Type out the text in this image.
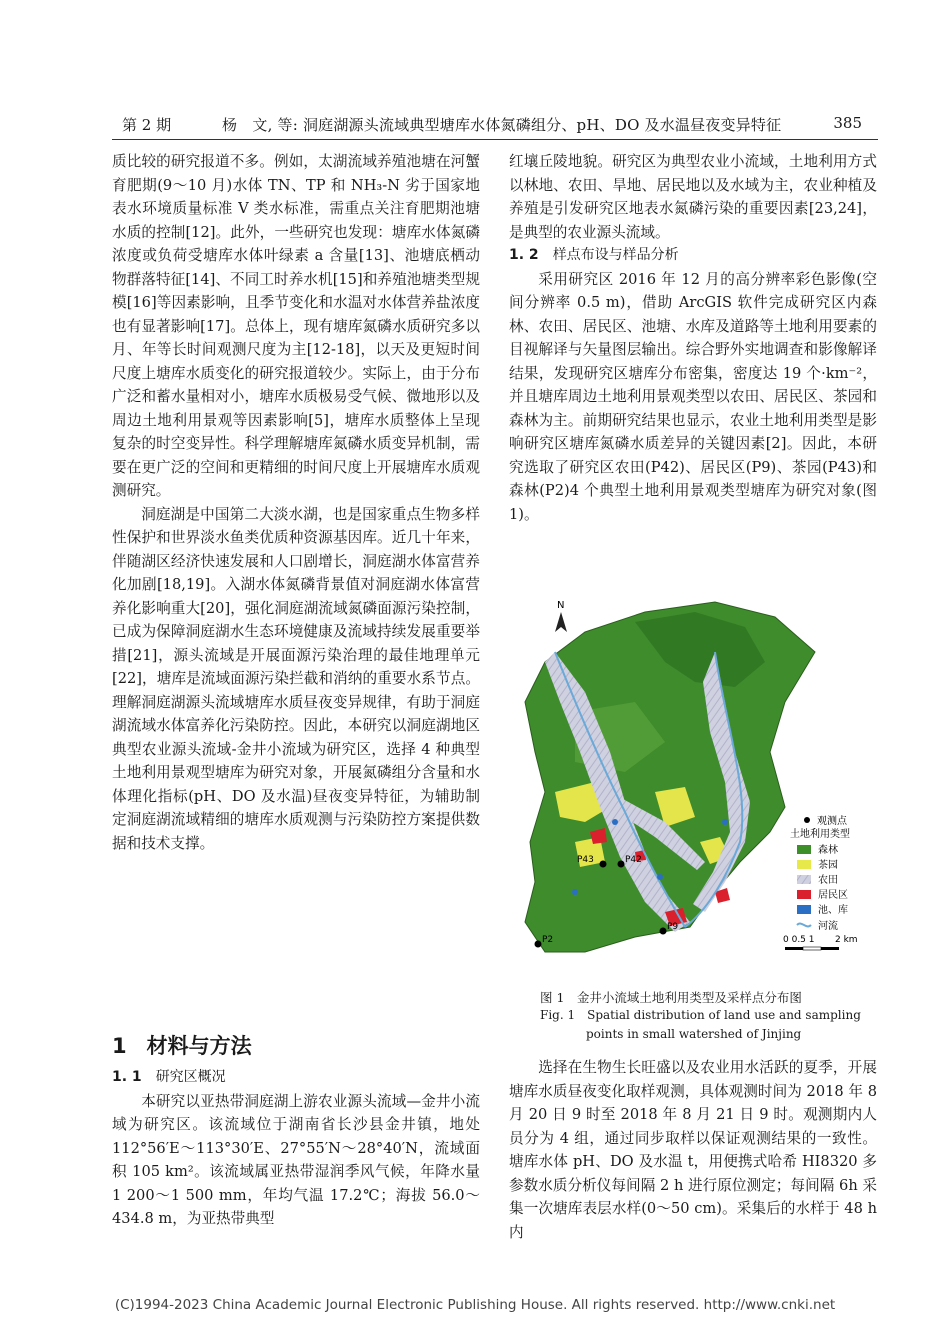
第 2 期	杨　文, 等: 洞庭湖源头流域典型塘库水体氮磷组分、pH、DO 及水温昼夜变异特征	385

质比较的研究报道不多。例如，太湖流域养殖池塘在河蟹育肥期(9～10 月)水体 TN、TP 和 NH₃-N 劣于国家地表水环境质量标准 V 类水标准，需重点关注育肥期池塘水质的控制[12]。此外，一些研究也发现：塘库水体氮磷浓度或负荷受塘库水体叶绿素 a 含量[13]、池塘底栖动物群落特征[14]、不同工时养水机[15]和养殖池塘类型规模[16]等因素影响，且季节变化和水温对水体营养盐浓度也有显著影响[17]。总体上，现有塘库氮磷水质研究多以月、年等长时间观测尺度为主[12-18]，以天及更短时间尺度上塘库水质变化的研究报道较少。实际上，由于分布广泛和蓄水量相对小，塘库水质极易受气候、微地形以及周边土地利用景观等因素影响[5]，塘库水质整体上呈现复杂的时空变异性。科学理解塘库氮磷水质变异机制，需要在更广泛的空间和更精细的时间尺度上开展塘库水质观测研究。

洞庭湖是中国第二大淡水湖，也是国家重点生物多样性保护和世界淡水鱼类优质种资源基因库。近几十年来，伴随湖区经济快速发展和人口剧增长，洞庭湖水体富营养化加剧[18,19]。入湖水体氮磷背景值对洞庭湖水体富营养化影响重大[20]，强化洞庭湖流域氮磷面源污染控制，已成为保障洞庭湖水生态环境健康及流域持续发展重要举措[21]，源头流域是开展面源污染治理的最佳地理单元[22]，塘库是流域面源污染拦截和消纳的重要水系节点。理解洞庭湖源头流域塘库水质昼夜变异规律，有助于洞庭湖流域水体富养化污染防控。因此，本研究以洞庭湖地区典型农业源头流域-金井小流域为研究区，选择 4 种典型土地利用景观型塘库为研究对象，开展氮磷组分含量和水体理化指标(pH、DO 及水温)昼夜变异特征，为辅助制定洞庭湖流域精细的塘库水质观测与污染防控方案提供数据和技术支撑。

1 材料与方法

1. 1 研究区概况

本研究以亚热带洞庭湖上游农业源头流域—金井小流域为研究区。该流域位于湖南省长沙县金井镇，地处 112°56′E～113°30′E、27°55′N～28°40′N，流域面积 105 km²。该流域属亚热带湿润季风气候，年降水量 1 200～1 500 mm，年均气温 17.2℃；海拔 56.0～434.8 m，为亚热带典型

红壤丘陵地貌。研究区为典型农业小流域，土地利用方式以林地、农田、旱地、居民地以及水域为主，农业种植及养殖是引发研究区地表水氮磷污染的重要因素[23,24]，是典型的农业源头流域。

1. 2 样点布设与样品分析

采用研究区 2016 年 12 月的高分辨率彩色影像(空间分辨率 0.5 m)，借助 ArcGIS 软件完成研究区内森林、农田、居民区、池塘、水库及道路等土地利用要素的目视解译与矢量图层输出。综合野外实地调查和影像解译结果，发现研究区塘库分布密集，密度达 19 个·km⁻²，并且塘库周边土地利用景观类型以农田、居民区、茶园和森林为主。前期研究结果也显示，农业土地利用类型是影响研究区塘库氮磷水质差异的关键因素[2]。因此，本研究选取了研究区农田(P42)、居民区(P9)、茶园(P43)和森林(P2)4 个典型土地利用景观类型塘库为研究对象(图 1)。

N
P43	P42
P9
P2
观测点
土地利用类型
森林
茶园
农田
居民区
池、库
河流
0 0.5 1 2 km
图 1　金井小流域土地利用类型及采样点分布图
Fig. 1　Spatial distribution of land use and sampling
points in small watershed of Jinjing

选择在生物生长旺盛以及农业用水活跃的夏季，开展塘库水质昼夜变化取样观测，具体观测时间为 2018 年 8 月 20 日 9 时至 2018 年 8 月 21 日 9 时。观测期内人员分为 4 组，通过同步取样以保证观测结果的一致性。塘库水体 pH、DO 及水温 t，用便携式哈希 HI8320 多参数水质分析仪每间隔 2 h 进行原位测定；每间隔 6h 采集一次塘库表层水样(0～50 cm)。采集后的水样于 48 h 内

(C)1994-2023 China Academic Journal Electronic Publishing House. All rights reserved. http://www.cnki.net
